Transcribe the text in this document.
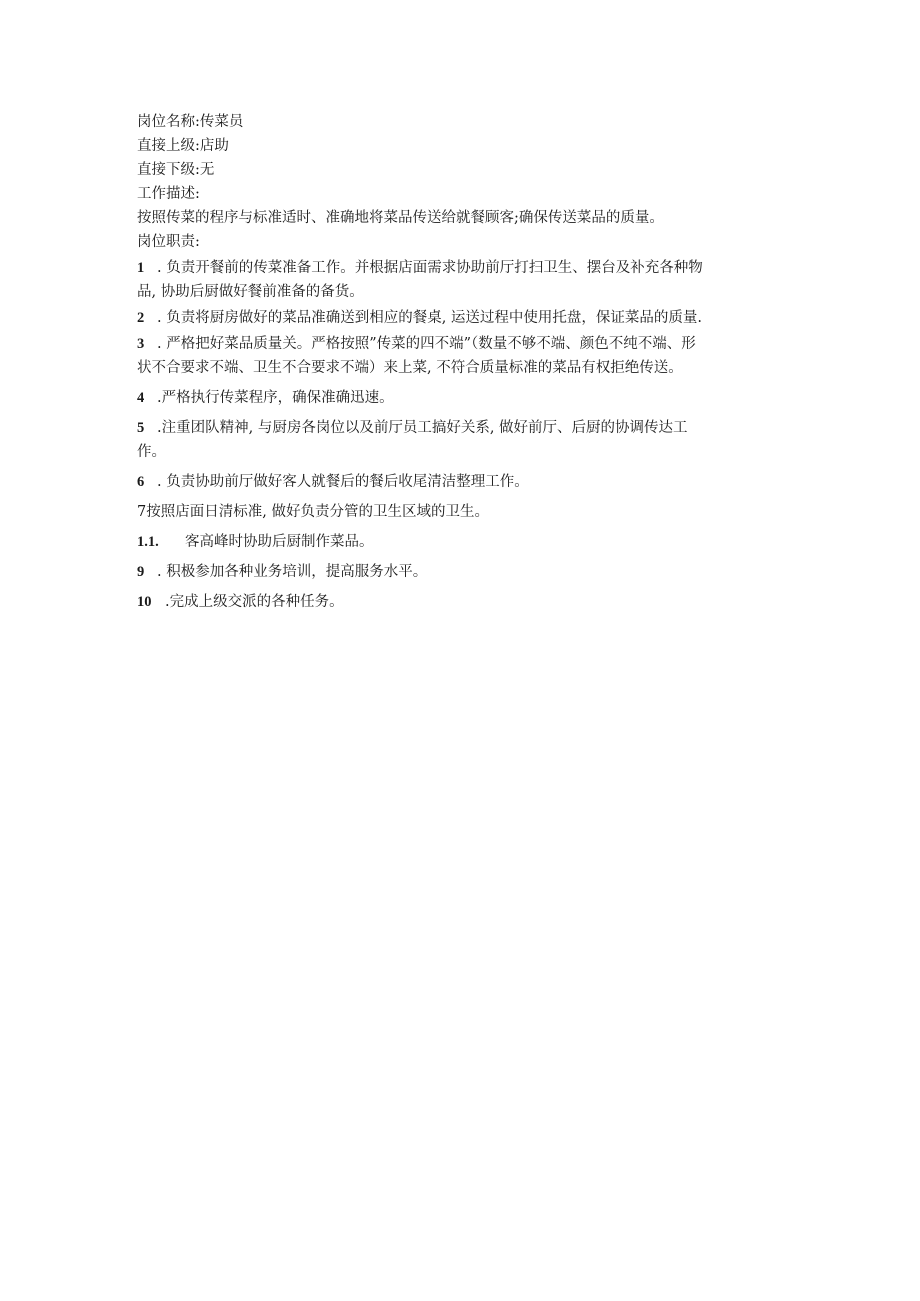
岗位名称:传菜员
直接上级:店助
直接下级:无
工作描述:
按照传菜的程序与标准适时、准确地将菜品传送给就餐顾客;确保传送菜品的质量。
岗位职责:
1 . 负责开餐前的传菜准备工作。并根据店面需求协助前厅打扫卫生、摆台及补充各种物品, 协助后厨做好餐前准备的备货。
2 . 负责将厨房做好的菜品准确送到相应的餐桌, 运送过程中使用托盘，保证菜品的质量.
3 . 严格把好菜品质量关。严格按照”传菜的四不端”（数量不够不端、颜色不纯不端、形状不合要求不端、卫生不合要求不端）来上菜, 不符合质量标准的菜品有权拒绝传送。
4 .严格执行传菜程序，确保准确迅速。
5 .注重团队精神, 与厨房各岗位以及前厅员工搞好关系, 做好前厅、后厨的协调传达工作。
6 . 负责协助前厅做好客人就餐后的餐后收尾清洁整理工作。
7按照店面日清标准, 做好负责分管的卫生区域的卫生。
1.1. 客高峰时协助后厨制作菜品。
9 . 积极参加各种业务培训，提高服务水平。
10 .完成上级交派的各种任务。
